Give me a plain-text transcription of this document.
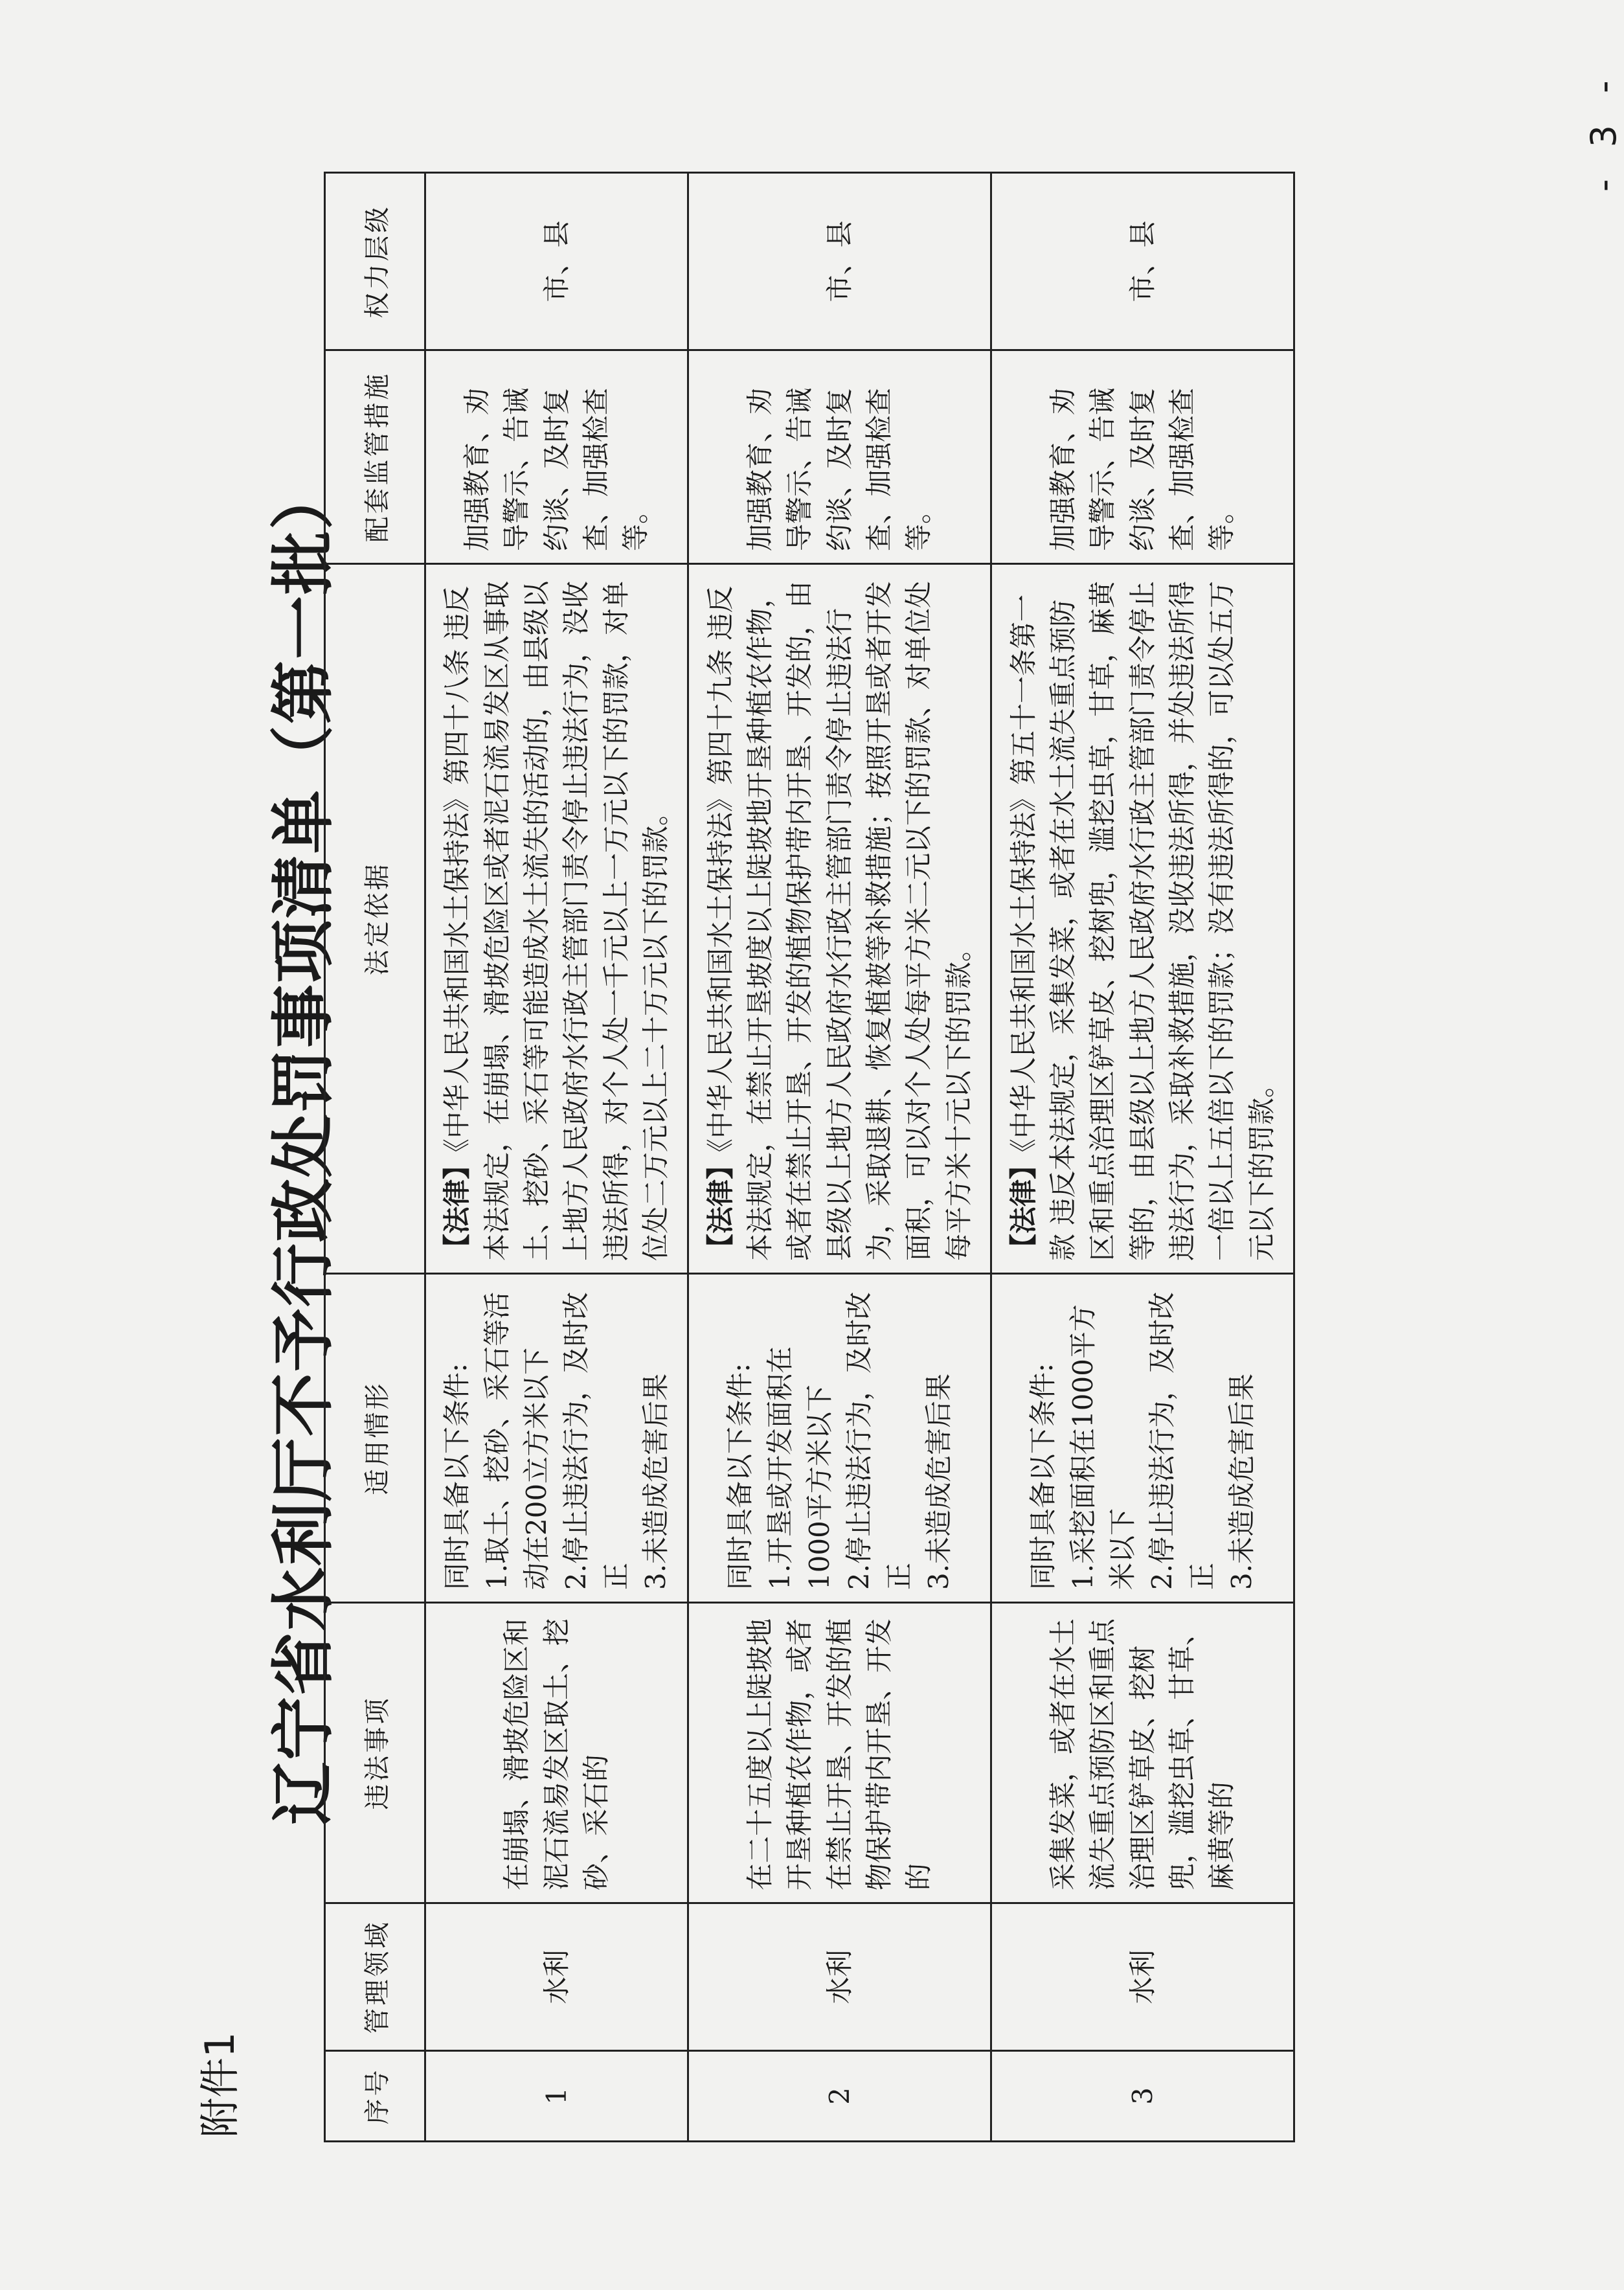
附件1
辽宁省水利厅不予行政处罚事项清单（第一批）
序号	管理领域	违法事项	适用情形	法定依据	配套监管措施	权力层级
1	水利	在崩塌、滑坡危险区和泥石流易发区取土、挖砂、采石的	同时具备以下条件: 1.取土、挖砂、采石等活动在200立方米以下 2.停止违法行为，及时改正 3.未造成危害后果	【法律】《中华人民共和国水土保持法》第四十八条 违反本法规定，在崩塌、滑坡危险区或者泥石流易发区从事取土、挖砂、采石等可能造成水土流失的活动的，由县级以上地方人民政府水行政主管部门责令停止违法行为，没收违法所得，对个人处一千元以上一万元以下的罚款，对单位处二万元以上二十万元以下的罚款。	加强教育、劝导警示、告诫约谈、及时复查、加强检查等。	市、县
2	水利	在二十五度以上陡坡地开垦种植农作物，或者在禁止开垦、开发的植物保护带内开垦、开发的	同时具备以下条件: 1.开垦或开发面积在1000平方米以下 2.停止违法行为，及时改正 3.未造成危害后果	【法律】《中华人民共和国水土保持法》第四十九条 违反本法规定，在禁止开垦坡度以上陡坡地开垦种植农作物，或者在禁止开垦、开发的植物保护带内开垦、开发的，由县级以上地方人民政府水行政主管部门责令停止违法行为，采取退耕、恢复植被等补救措施；按照开垦或者开发面积，可以对个人处每平方米二元以下的罚款、对单位处每平方米十元以下的罚款。	加强教育、劝导警示、告诫约谈、及时复查、加强检查等。	市、县
3	水利	采集发菜，或者在水土流失重点预防区和重点治理区铲草皮、挖树兜，滥挖虫草、甘草、麻黄等的	同时具备以下条件: 1.采挖面积在1000平方米以下 2.停止违法行为，及时改正 3.未造成危害后果	【法律】《中华人民共和国水土保持法》第五十一条第一款 违反本法规定，采集发菜，或者在水土流失重点预防区和重点治理区铲草皮、挖树兜，滥挖虫草，甘草，麻黄等的，由县级以上地方人民政府水行政主管部门责令停止违法行为，采取补救措施，没收违法所得，并处违法所得一倍以上五倍以下的罚款；没有违法所得的，可以处五万元以下的罚款。	加强教育、劝导警示、告诫约谈、及时复查、加强检查等。	市、县
- 3 -
